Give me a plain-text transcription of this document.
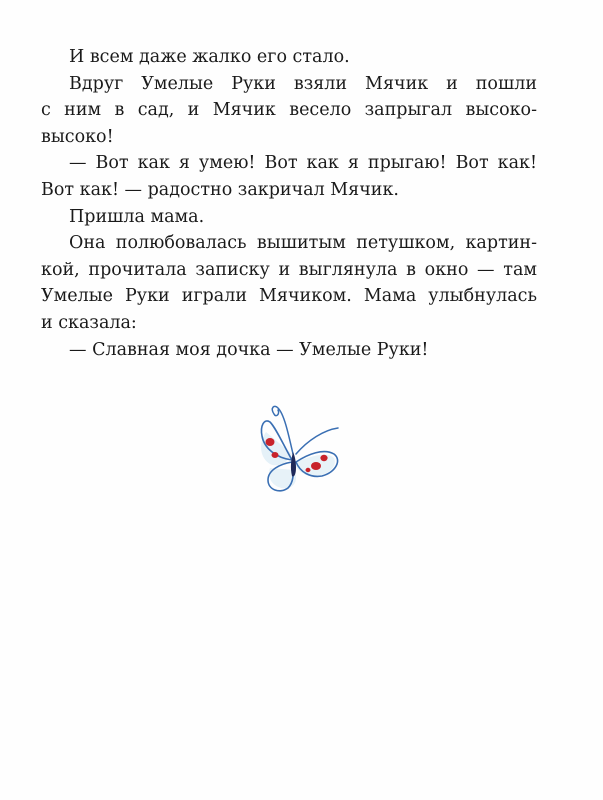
И всем даже жалко его стало.

Вдруг Умелые Руки взяли Мячик и пошли
с ним в сад, и Мячик весело запрыгал высоко-
высоко!

— Вот как я умею! Вот как я прыгаю! Вот как!
Вот как! — радостно закричал Мячик.

Пришла мама.

Она полюбовалась вышитым петушком, картин-
кой, прочитала записку и выглянула в окно — там
Умелые Руки играли Мячиком. Мама улыбнулась
и сказала:

— Славная моя дочка — Умелые Руки!
